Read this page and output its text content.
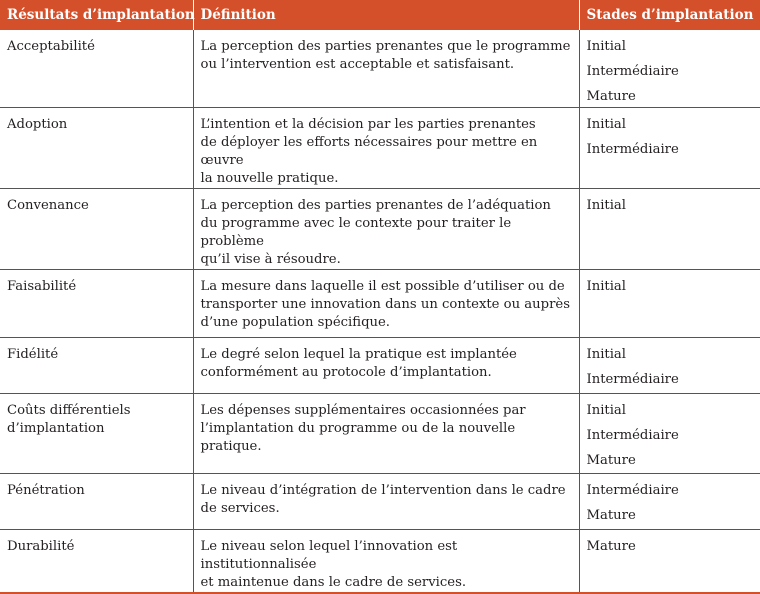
Résultats d’implantation	Définition	Stades d’implantation
Acceptabilité	La perception des parties prenantes que le programme
ou l’intervention est acceptable et satisfaisant.	Initial
Intermédiaire
Mature

Adoption	L’intention et la décision par les parties prenantes
de déployer les efforts nécessaires pour mettre en œuvre
la nouvelle pratique.	Initial
Intermédiaire

Convenance	La perception des parties prenantes de l’adéquation
du programme avec le contexte pour traiter le problème
qu’il vise à résoudre.	Initial

Faisabilité	La mesure dans laquelle il est possible d’utiliser ou de
transporter une innovation dans un contexte ou auprès
d’une population spécifique.	Initial

Fidélité	Le degré selon lequel la pratique est implantée
conformément au protocole d’implantation.	Initial
Intermédiaire

Coûts différentiels
d’implantation	Les dépenses supplémentaires occasionnées par
l’implantation du programme ou de la nouvelle pratique.	Initial
Intermédiaire
Mature

Pénétration	Le niveau d’intégration de l’intervention dans le cadre
de services.	Intermédiaire
Mature

Durabilité	Le niveau selon lequel l’innovation est institutionnalisée
et maintenue dans le cadre de services.	Mature
